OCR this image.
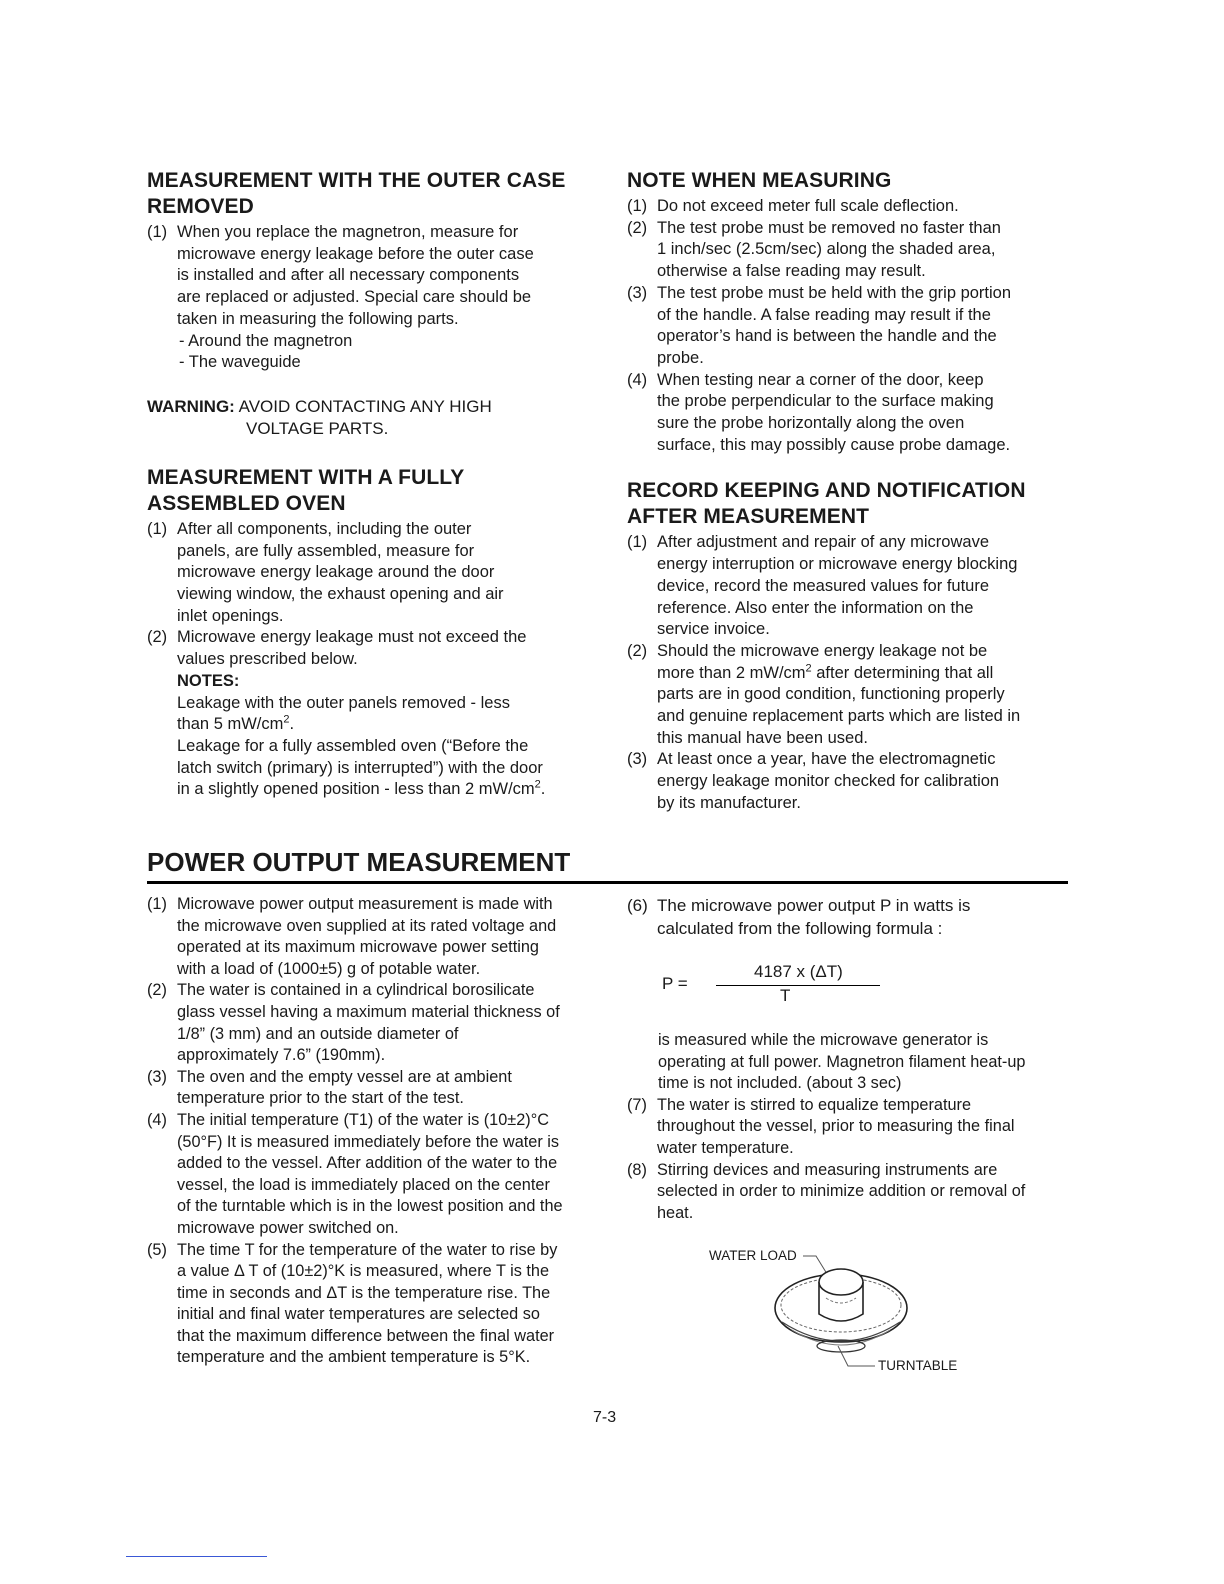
MEASUREMENT WITH THE OUTER CASE
REMOVED

(1) When you replace the magnetron, measure for
microwave energy leakage before the outer case
is installed and after all necessary components
are replaced or adjusted. Special care should be
taken in measuring the following parts.
- Around the magnetron
- The waveguide
WARNING: AVOID CONTACTING ANY HIGH
VOLTAGE PARTS.

MEASUREMENT WITH A FULLY
ASSEMBLED OVEN

(1) After all components, including the outer
panels, are fully assembled, measure for
microwave energy leakage around the door
viewing window, the exhaust opening and air
inlet openings.
(2) Microwave energy leakage must not exceed the
values prescribed below.
NOTES:
Leakage with the outer panels removed - less
than 5 $mW/cm^2$.
Leakage for a fully assembled oven (“Before the
latch switch (primary) is interrupted”) with the door
in a slightly opened position - less than 2 $mW/cm^2$.

NOTE WHEN MEASURING

(1) Do not exceed meter full scale deflection.
(2) The test probe must be removed no faster than
1 inch/sec (2.5cm/sec) along the shaded area,
otherwise a false reading may result.
(3) The test probe must be held with the grip portion
of the handle. A false reading may result if the
operator’s hand is between the handle and the
probe.
(4) When testing near a corner of the door, keep
the probe perpendicular to the surface making
sure the probe horizontally along the oven
surface, this may possibly cause probe damage.

RECORD KEEPING AND NOTIFICATION
AFTER MEASUREMENT

(1) After adjustment and repair of any microwave
energy interruption or microwave energy blocking
device, record the measured values for future
reference. Also enter the information on the
service invoice.
(2) Should the microwave energy leakage not be
more than 2 $mW/cm^2$ after determining that all
parts are in good condition, functioning properly
and genuine replacement parts which are listed in
this manual have been used.
(3) At least once a year, have the electromagnetic
energy leakage monitor checked for calibration
by its manufacturer.
POWER OUTPUT MEASUREMENT
(1) Microwave power output measurement is made with
the microwave oven supplied at its rated voltage and
operated at its maximum microwave power setting
with a load of (1000±5) g of potable water.
(2) The water is contained in a cylindrical borosilicate
glass vessel having a maximum material thickness of
1/8” (3 mm) and an outside diameter of
approximately 7.6” (190mm).
(3) The oven and the empty vessel are at ambient
temperature prior to the start of the test.
(4) The initial temperature (T1) of the water is (10±2)°C
(50°F) It is measured immediately before the water is
added to the vessel. After addition of the water to the
vessel, the load is immediately placed on the center
of the turntable which is in the lowest position and the
microwave power switched on.
(5) The time T for the temperature of the water to rise by
a value Δ T of (10±2)°K is measured, where T is the
time in seconds and ΔT is the temperature rise. The
initial and final water temperatures are selected so
that the maximum difference between the final water
temperature and the ambient temperature is 5°K.
(6) The microwave power output P in watts is
calculated from the following formula :
P =
4187 x (ΔT)
T
is measured while the microwave generator is
operating at full power. Magnetron filament heat-up
time is not included. (about 3 sec)
(7) The water is stirred to equalize temperature
throughout the vessel, prior to measuring the final
water temperature.
(8) Stirring devices and measuring instruments are
selected in order to minimize addition or removal of
heat.
WATER LOAD
TURNTABLE
7-3
